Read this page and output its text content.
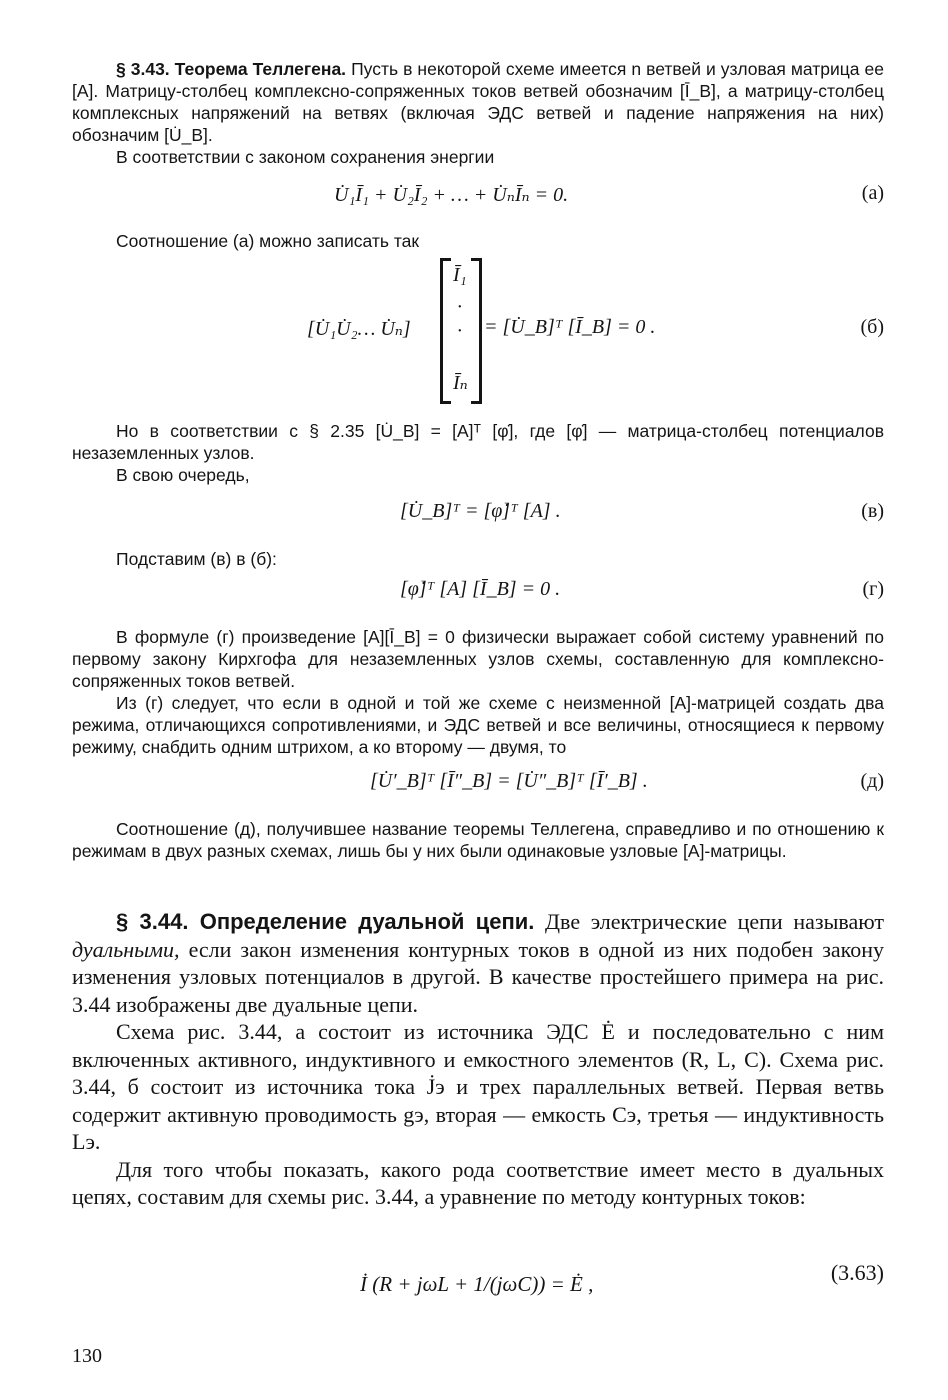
§ 3.43. Теорема Теллегена. Пусть в некоторой схеме имеется n ветвей и узловая матрица ее [A]. Матрицу-столбец комплексно-сопряженных токов ветвей обозначим [Ī_B], а матрицу-столбец комплексных напряжений на ветвях (включая ЭДС ветвей и падение напряжения на них) обозначим [U̇_B].

В соответствии с законом сохранения энергии

U̇₁Ī₁ + U̇₂Ī₂ + … + U̇ₙĪₙ = 0.	(а)

Соотношение (а) можно записать так

[U̇₁U̇₂… U̇ₙ]	= [U̇_B]ᵀ [Ī_B] = 0 .	(б)
Ī₁
·
·
Īₙ

Но в соответствии с § 2.35 [U̇_B] = [A]ᵀ [φ̇], где [φ̇] — матрица-столбец потенциалов незаземленных узлов.

В свою очередь,

[U̇_B]ᵀ = [φ̇]ᵀ [A] .	(в)

Подставим (в) в (б):

[φ̇]ᵀ [A] [Ī_B] = 0 .	(г)

В формуле (г) произведение [A][Ī_B] = 0 физически выражает собой систему уравнений по первому закону Кирхгофа для незаземленных узлов схемы, составленную для комплексно-сопряженных токов ветвей.

Из (г) следует, что если в одной и той же схеме с неизменной [A]-матрицей создать два режима, отличающихся сопротивлениями, и ЭДС ветвей и все величины, относящиеся к первому режиму, снабдить одним штрихом, а ко второму — двумя, то

[U̇′_B]ᵀ [Ī″_B] = [U̇″_B]ᵀ [Ī′_B] .	(д)

Соотношение (д), получившее название теоремы Теллегена, справедливо и по отношению к режимам в двух разных схемах, лишь бы у них были одинаковые узловые [A]-матрицы.

§ 3.44. Определение дуальной цепи. Две электрические цепи называют дуальными, если закон изменения контурных токов в одной из них подобен закону изменения узловых потенциалов в другой. В качестве простейшего примера на рис. 3.44 изображены две дуальные цепи.

Схема рис. 3.44, а состоит из источника ЭДС Ė и последовательно с ним включенных активного, индуктивного и емкостного элементов (R, L, C). Схема рис. 3.44, б состоит из источника тока J̇э и трех параллельных ветвей. Первая ветвь содержит активную проводимость gэ, вторая — емкость Cэ, третья — индуктивность Lэ.

Для того чтобы показать, какого рода соответствие имеет место в дуальных цепях, составим для схемы рис. 3.44, а уравнение по методу контурных токов:

İ (R + jωL + 1/(jωC)) = Ė ,	(3.63)
130
